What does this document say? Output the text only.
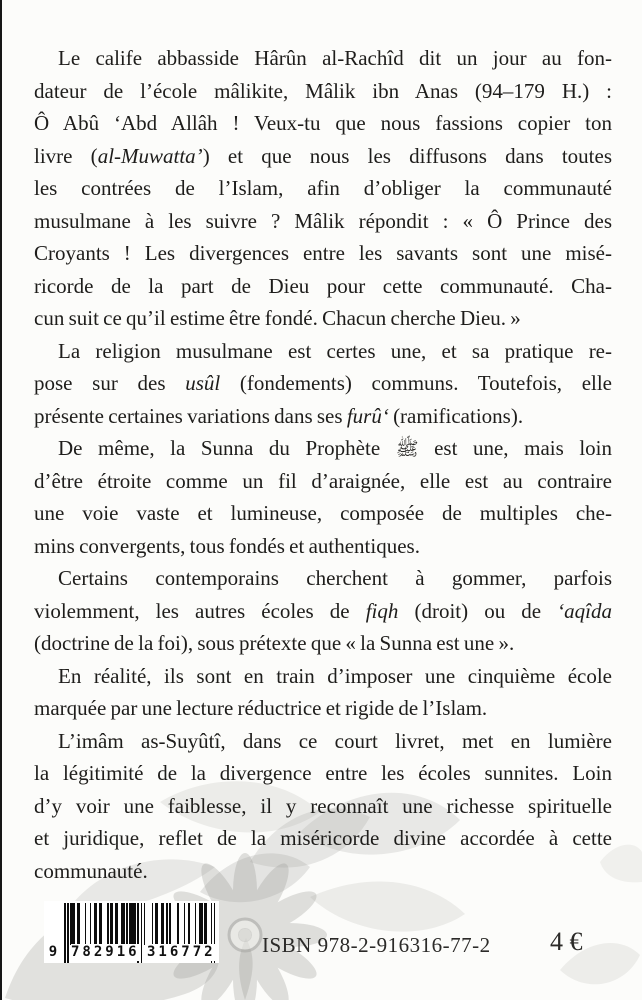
Le calife abbasside Hârûn al-Rachîd dit un jour au fon-
dateur de l’école mâlikite, Mâlik ibn Anas (94–179 H.) :
Ô Abû ‘Abd Allâh ! Veux-tu que nous fassions copier ton
livre (al-Muwatta’) et que nous les diffusons dans toutes
les contrées de l’Islam, afin d’obliger la communauté
musulmane à les suivre ? Mâlik répondit : « Ô Prince des
Croyants ! Les divergences entre les savants sont une misé-
ricorde de la part de Dieu pour cette communauté. Cha-
cun suit ce qu’il estime être fondé. Chacun cherche Dieu. »
La religion musulmane est certes une, et sa pratique re-
pose sur des usûl (fondements) communs. Toutefois, elle
présente certaines variations dans ses furû‘ (ramifications).
De même, la Sunna du Prophète ﷺ est une, mais loin
d’être étroite comme un fil d’araignée, elle est au contraire
une voie vaste et lumineuse, composée de multiples che-
mins convergents, tous fondés et authentiques.
Certains contemporains cherchent à gommer, parfois
violemment, les autres écoles de fiqh (droit) ou de ‘aqîda
(doctrine de la foi), sous prétexte que « la Sunna est une ».
En réalité, ils sont en train d’imposer une cinquième école
marquée par une lecture réductrice et rigide de l’Islam.
L’imâm as-Suyûtî, dans ce court livret, met en lumière
la légitimité de la divergence entre les écoles sunnites. Loin
d’y voir une faiblesse, il y reconnaît une richesse spirituelle
et juridique, reflet de la miséricorde divine accordée à cette
communauté.
9 782916 316772 ISBN 978-2-916316-77-2 4 €
